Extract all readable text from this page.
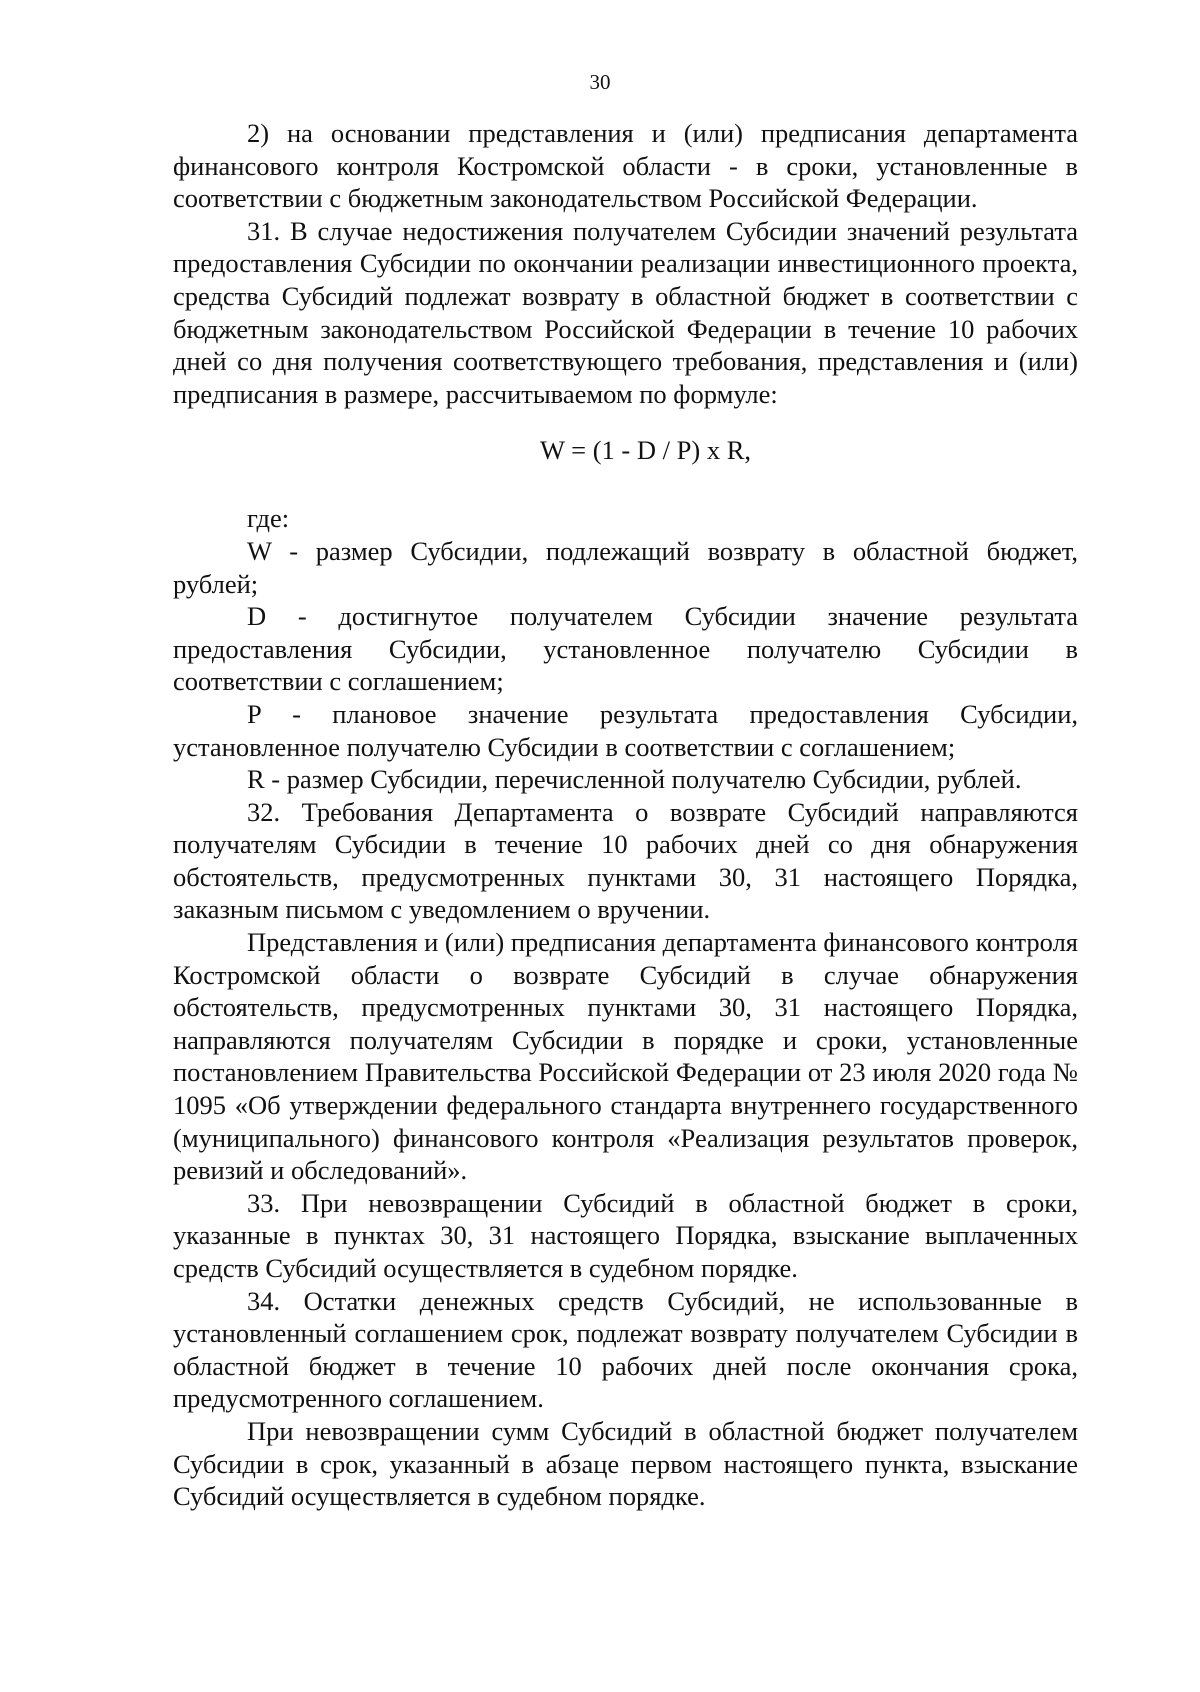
30

2) на основании представления и (или) предписания департамента финансового контроля Костромской области - в сроки, установленные в соответствии с бюджетным законодательством Российской Федерации.

31. В случае недостижения получателем Субсидии значений результата предоставления Субсидии по окончании реализации инвестиционного проекта, средства Субсидий подлежат возврату в областной бюджет в соответствии с бюджетным законодательством Российской Федерации в течение 10 рабочих дней со дня получения соответствующего требования, представления и (или) предписания в размере, рассчитываемом по формуле:

W = (1 - D / P) x R,

где:

W - размер Субсидии, подлежащий возврату в областной бюджет, рублей;

D - достигнутое получателем Субсидии значение результата предоставления Субсидии, установленное получателю Субсидии в соответствии с соглашением;

P - плановое значение результата предоставления Субсидии, установленное получателю Субсидии в соответствии с соглашением;

R - размер Субсидии, перечисленной получателю Субсидии, рублей.

32. Требования Департамента о возврате Субсидий направляются получателям Субсидии в течение 10 рабочих дней со дня обнаружения обстоятельств, предусмотренных пунктами 30, 31 настоящего Порядка, заказным письмом с уведомлением о вручении.

Представления и (или) предписания департамента финансового контроля Костромской области о возврате Субсидий в случае обнаружения обстоятельств, предусмотренных пунктами 30, 31 настоящего Порядка, направляются получателям Субсидии в порядке и сроки, установленные постановлением Правительства Российской Федерации от 23 июля 2020 года № 1095 «Об утверждении федерального стандарта внутреннего государственного (муниципального) финансового контроля «Реализация результатов проверок, ревизий и обследований».

33. При невозвращении Субсидий в областной бюджет в сроки, указанные в пунктах 30, 31 настоящего Порядка, взыскание выплаченных средств Субсидий осуществляется в судебном порядке.

34. Остатки денежных средств Субсидий, не использованные в установленный соглашением срок, подлежат возврату получателем Субсидии в областной бюджет в течение 10 рабочих дней после окончания срока, предусмотренного соглашением.

При невозвращении сумм Субсидий в областной бюджет получателем Субсидии в срок, указанный в абзаце первом настоящего пункта, взыскание Субсидий осуществляется в судебном порядке.
